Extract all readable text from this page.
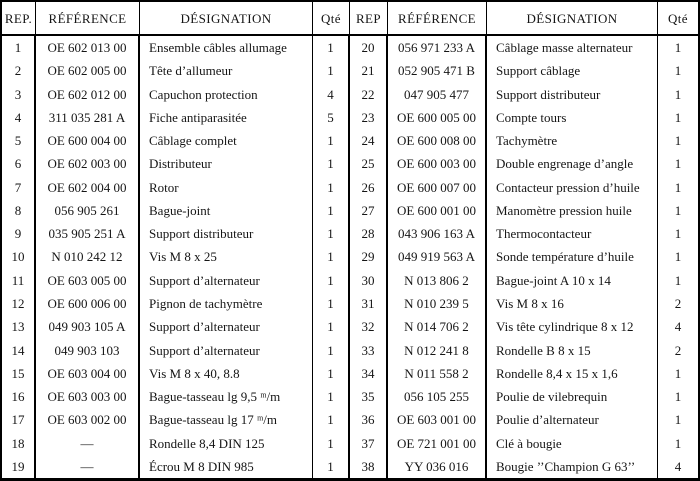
REP.	RÉFÉRENCE	DÉSIGNATION	Qté	REP	RÉFÉRENCE	DÉSIGNATION	Qté
1	OE 602 013 00	Ensemble câbles allumage	1	20	056 971 233 A	Câblage masse alternateur	1
2	OE 602 005 00	Tête d’allumeur	1	21	052 905 471 B	Support câblage	1
3	OE 602 012 00	Capuchon protection	4	22	047 905 477	Support distributeur	1
4	311 035 281 A	Fiche antiparasitée	5	23	OE 600 005 00	Compte tours	1
5	OE 600 004 00	Câblage complet	1	24	OE 600 008 00	Tachymètre	1
6	OE 602 003 00	Distributeur	1	25	OE 600 003 00	Double engrenage d’angle	1
7	OE 602 004 00	Rotor	1	26	OE 600 007 00	Contacteur pression d’huile	1
8	056 905 261	Bague-joint	1	27	OE 600 001 00	Manomètre pression huile	1
9	035 905 251 A	Support distributeur	1	28	043 906 163 A	Thermocontacteur	1
10	N 010 242 12	Vis M 8 x 25	1	29	049 919 563 A	Sonde température d’huile	1
11	OE 603 005 00	Support d’alternateur	1	30	N 013 806 2	Bague-joint A 10 x 14	1
12	OE 600 006 00	Pignon de tachymètre	1	31	N 010 239 5	Vis M 8 x 16	2
13	049 903 105 A	Support d’alternateur	1	32	N 014 706 2	Vis tête cylindrique 8 x 12	4
14	049 903 103	Support d’alternateur	1	33	N 012 241 8	Rondelle B 8 x 15	2
15	OE 603 004 00	Vis M 8 x 40, 8.8	1	34	N 011 558 2	Rondelle 8,4 x 15 x 1,6	1
16	OE 603 003 00	Bague-tasseau lg 9,5 ᵐ/m	1	35	056 105 255	Poulie de vilebrequin	1
17	OE 603 002 00	Bague-tasseau lg 17 ᵐ/m	1	36	OE 603 001 00	Poulie d’alternateur	1
18	—	Rondelle 8,4 DIN 125	1	37	OE 721 001 00	Clé à bougie	1
19	—	Écrou M 8 DIN 985	1	38	YY 036 016	Bougie ’’Champion G 63’’	4
